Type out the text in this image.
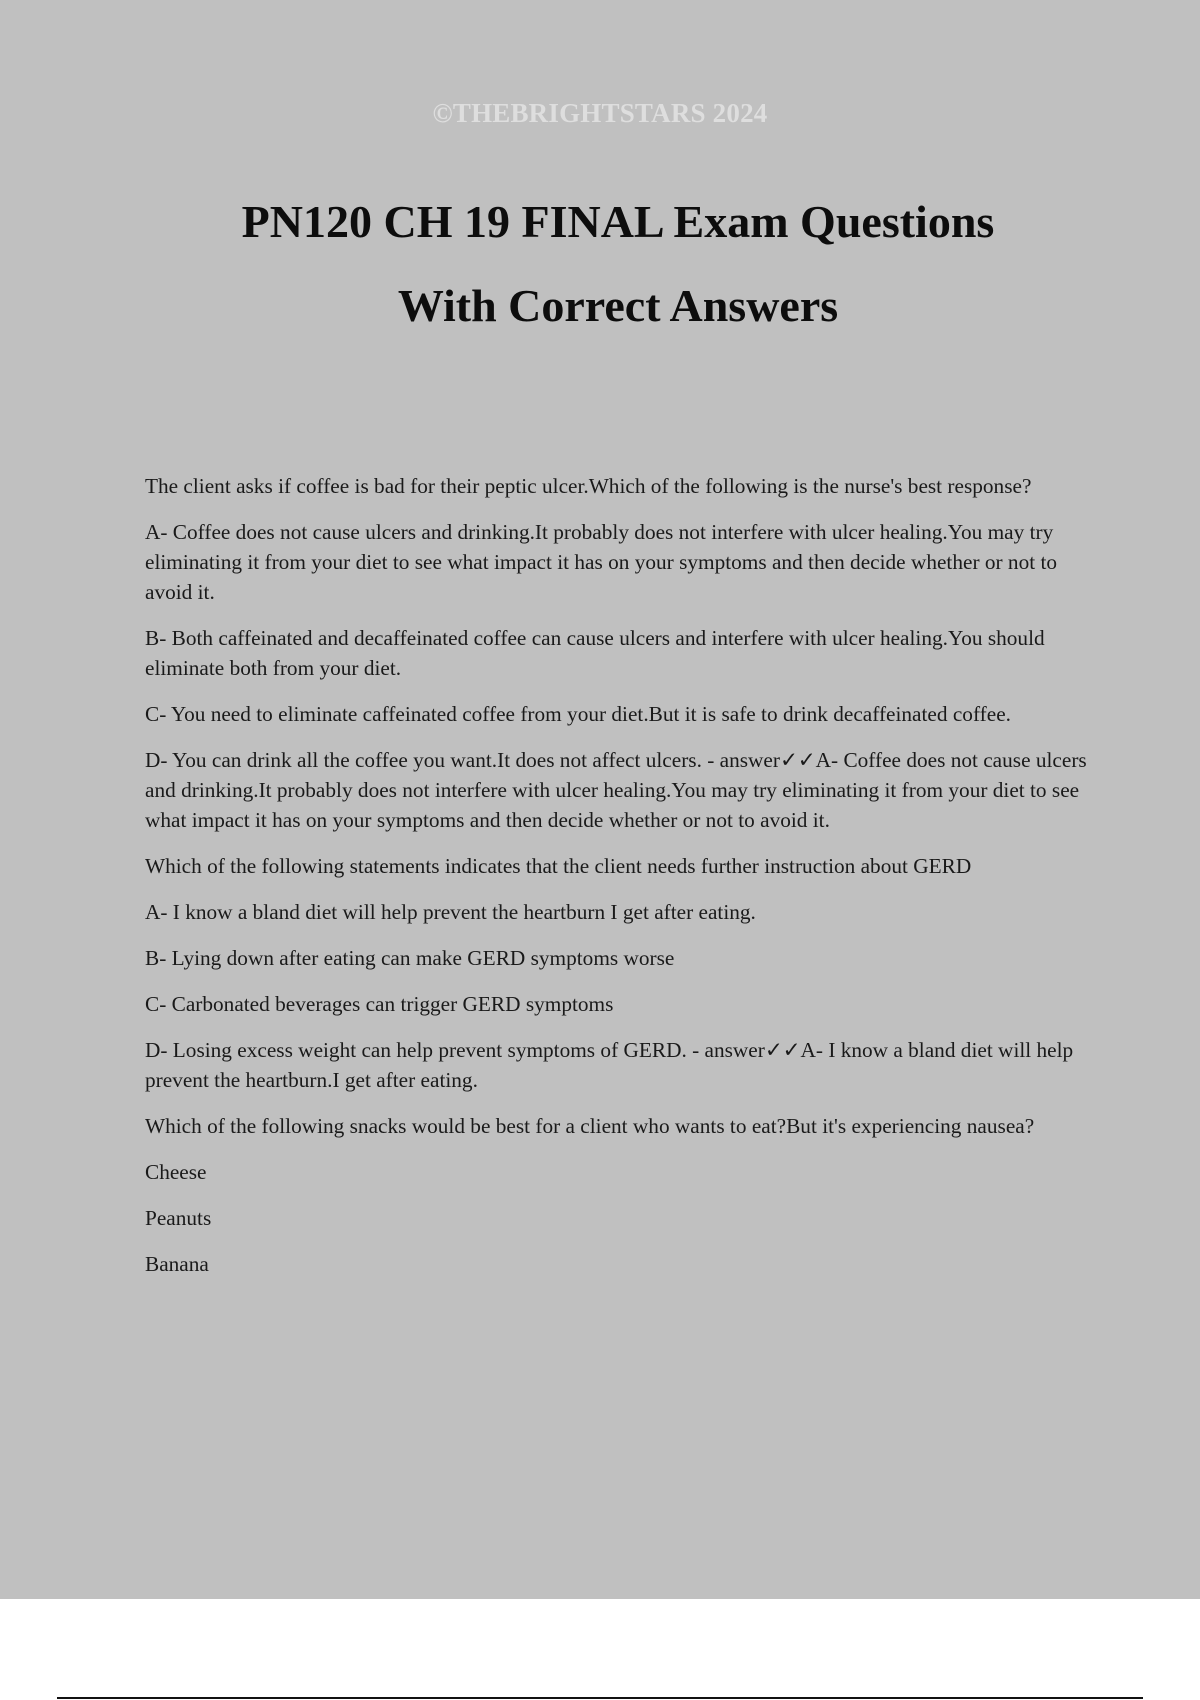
©THEBRIGHTSTARS 2024
PN120 CH 19 FINAL Exam Questions
With Correct Answers

The client asks if coffee is bad for their peptic ulcer.Which of the following is the nurse's best response?

A- Coffee does not cause ulcers and drinking.It probably does not interfere with ulcer healing.You may try eliminating it from your diet to see what impact it has on your symptoms and then decide whether or not to avoid it.

B- Both caffeinated and decaffeinated coffee can cause ulcers and interfere with ulcer healing.You should eliminate both from your diet.

C- You need to eliminate caffeinated coffee from your diet.But it is safe to drink decaffeinated coffee.

D- You can drink all the coffee you want.It does not affect ulcers. - answer✓✓A- Coffee does not cause ulcers and drinking.It probably does not interfere with ulcer healing.You may try eliminating it from your diet to see what impact it has on your symptoms and then decide whether or not to avoid it.

Which of the following statements indicates that the client needs further instruction about GERD

A- I know a bland diet will help prevent the heartburn I get after eating.

B- Lying down after eating can make GERD symptoms worse

C- Carbonated beverages can trigger GERD symptoms

D- Losing excess weight can help prevent symptoms of GERD. - answer✓✓A- I know a bland diet will help prevent the heartburn.I get after eating.

Which of the following snacks would be best for a client who wants to eat?But it's experiencing nausea?

Cheese

Peanuts

Banana
